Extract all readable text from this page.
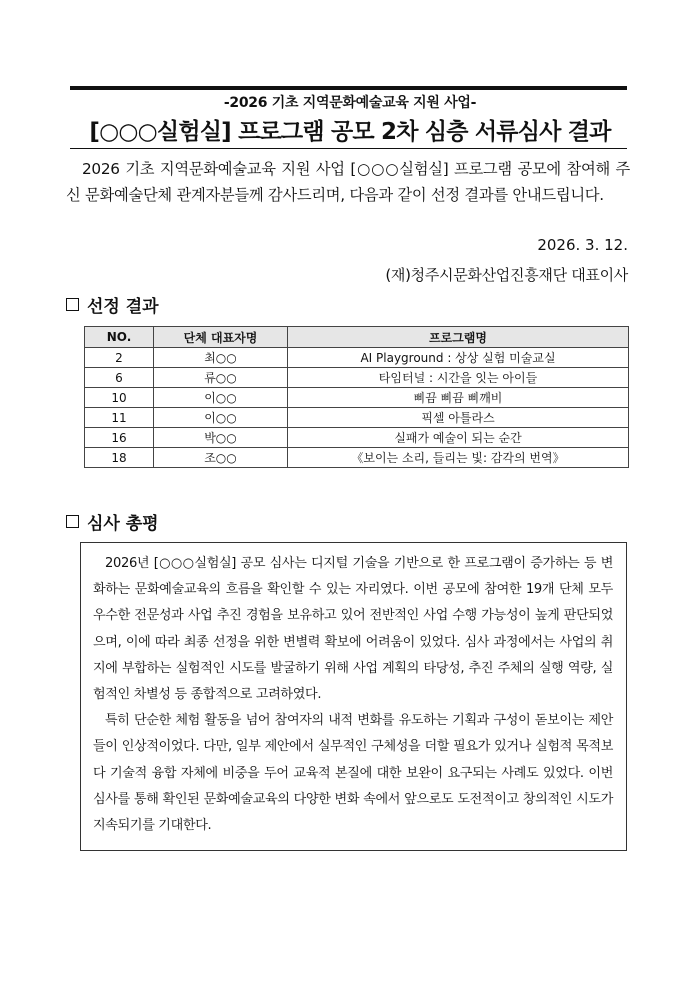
-2026 기초 지역문화예술교육 지원 사업-
[○○○실험실] 프로그램 공모 2차 심층 서류심사 결과
2026 기초 지역문화예술교육 지원 사업 [○○○실험실] 프로그램 공모에 참여해 주신 문화예술단체 관계자분들께 감사드리며, 다음과 같이 선정 결과를 안내드립니다.
2026. 3. 12.
(재)청주시문화산업진흥재단 대표이사
선정 결과
NO.	단체 대표자명	프로그램명
2	최○○	AI Playground : 상상 실험 미술교실
6	류○○	타임터널 : 시간을 잇는 아이들
10	이○○	삐끔 삐끔 삐깨비
11	이○○	픽셀 아틀라스
16	박○○	실패가 예술이 되는 순간
18	조○○	《보이는 소리, 들리는 빛: 감각의 번역》
심사 총평

2026년 [○○○실험실] 공모 심사는 디지털 기술을 기반으로 한 프로그램이 증가하는 등 변화하는 문화예술교육의 흐름을 확인할 수 있는 자리였다. 이번 공모에 참여한 19개 단체 모두 우수한 전문성과 사업 추진 경험을 보유하고 있어 전반적인 사업 수행 가능성이 높게 판단되었으며, 이에 따라 최종 선정을 위한 변별력 확보에 어려움이 있었다. 심사 과정에서는 사업의 취지에 부합하는 실험적인 시도를 발굴하기 위해 사업 계획의 타당성, 추진 주체의 실행 역량, 실험적인 차별성 등 종합적으로 고려하였다.

특히 단순한 체험 활동을 넘어 참여자의 내적 변화를 유도하는 기획과 구성이 돋보이는 제안들이 인상적이었다. 다만, 일부 제안에서 실무적인 구체성을 더할 필요가 있거나 실험적 목적보다 기술적 융합 자체에 비중을 두어 교육적 본질에 대한 보완이 요구되는 사례도 있었다. 이번 심사를 통해 확인된 문화예술교육의 다양한 변화 속에서 앞으로도 도전적이고 창의적인 시도가 지속되기를 기대한다.
